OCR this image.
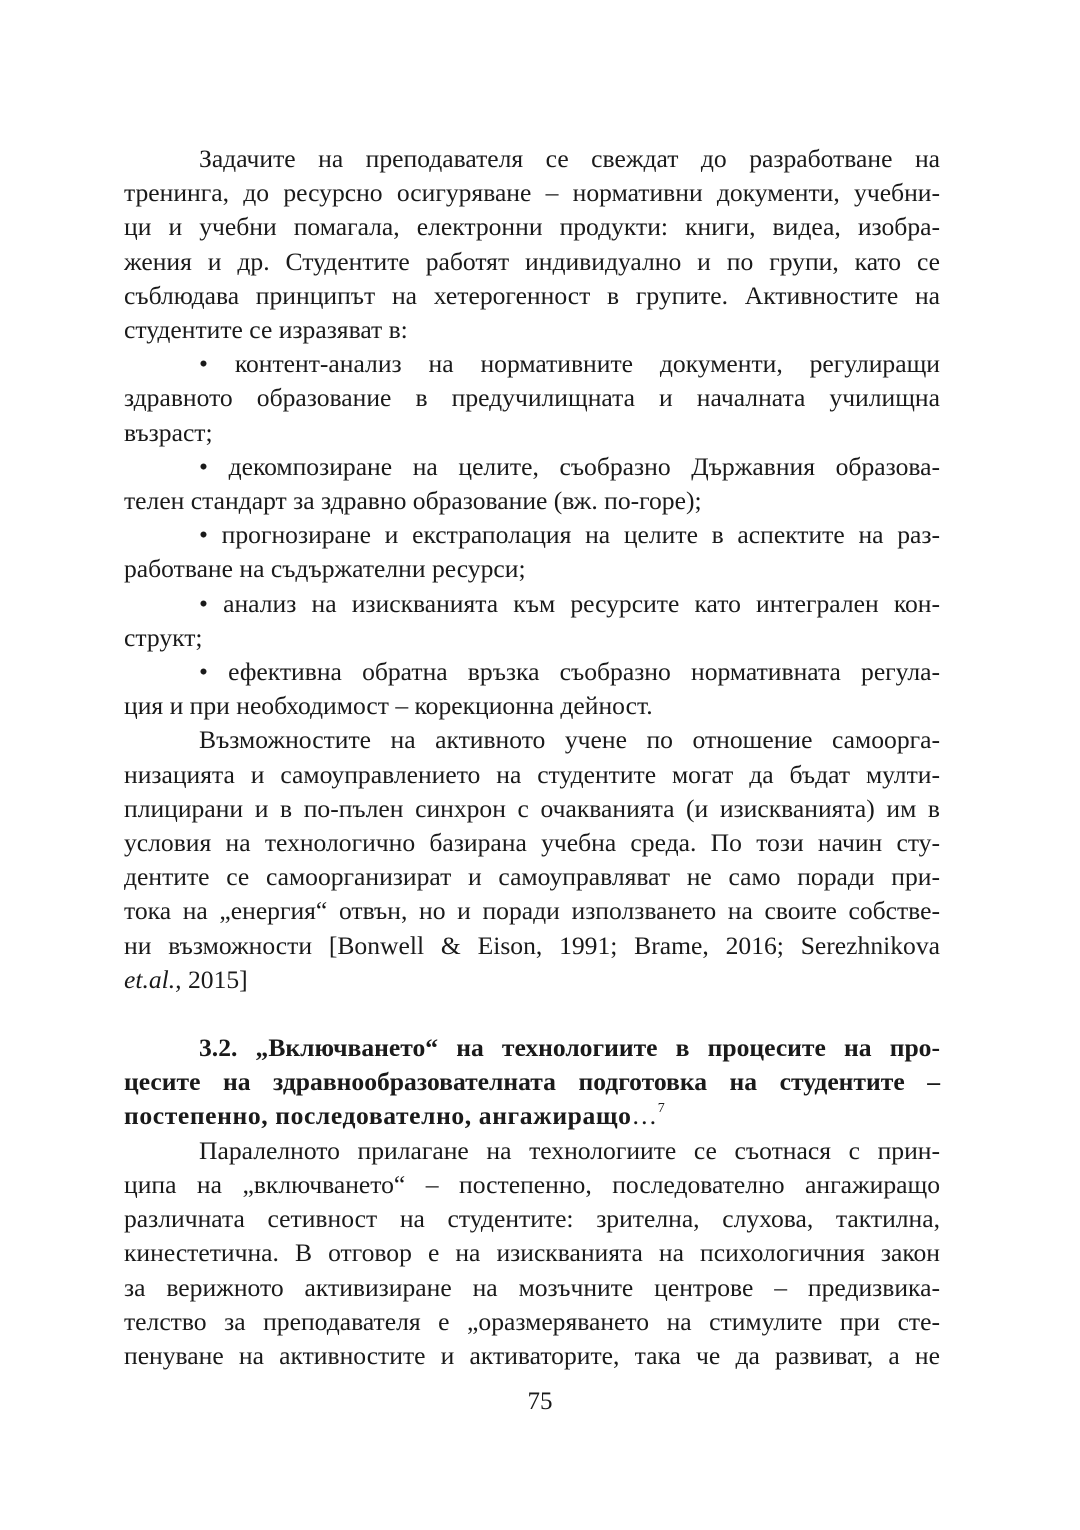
Задачите на преподавателя се свеждат до разработване на
тренинга, до ресурсно осигуряване – нормативни документи, учебни-
ци и учебни помагала, електронни продукти: книги, видеа, изобра-
жения и др. Студентите работят индивидуално и по групи, като се
съблюдава принципът на хетерогенност в групите. Активностите на
студентите се изразяват в:
• контент-анализ на нормативните документи, регулиращи
здравното образование в предучилищната и началната училищна
възраст;
• декомпозиране на целите, съобразно Държавния образова-
телен стандарт за здравно образование (вж. по-горе);
• прогнозиране и екстраполация на целите в аспектите на раз-
работване на съдържателни ресурси;
• анализ на изискванията към ресурсите като интегрален кон-
структ;
• ефективна обратна връзка съобразно нормативната регула-
ция и при необходимост – корекционна дейност.
Възможностите на активното учене по отношение самоорга-
низацията и самоуправлението на студентите могат да бъдат мулти-
плицирани и в по-пълен синхрон с очакванията (и изискванията) им в
условия на технологично базирана учебна среда. По този начин сту-
дентите се самоорганизират и самоуправляват не само поради при-
тока на „енергия“ отвън, но и поради използването на своите собстве-
ни възможности [Bonwell & Eison, 1991; Brame, 2016; Serezhnikova
et.al., 2015]
3.2. „Включването“ на технологиите в процесите на про-
цесите на здравнообразователната подготовка на студентите –
постепенно, последователно, ангажиращо…$^7$
Паралелното прилагане на технологиите се съотнася с прин-
ципа на „включването“ – постепенно, последователно ангажиращо
различната сетивност на студентите: зрителна, слухова, тактилна,
кинестетична. В отговор е на изискванията на психологичния закон
за верижното активизиране на мозъчните центрове – предизвика-
телство за преподавателя е „оразмеряването на стимулите при сте-
пенуване на активностите и активаторите, така че да развиват, а не
75
